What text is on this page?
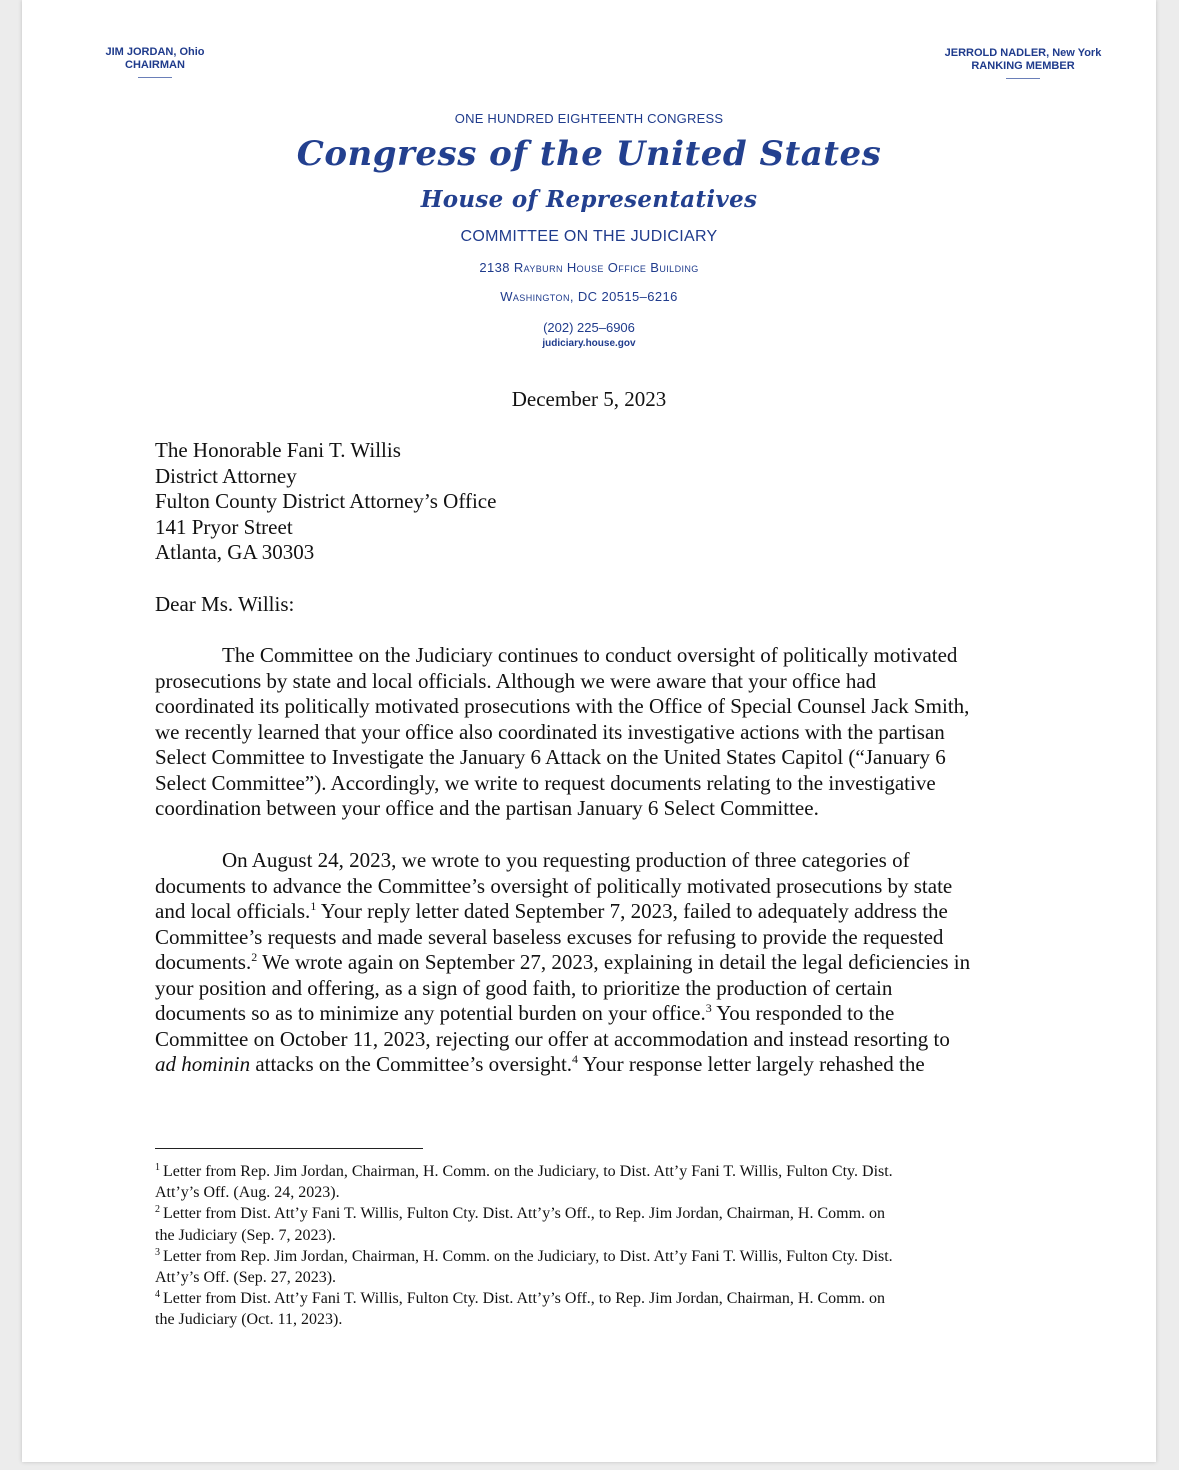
JIM JORDAN, Ohio
CHAIRMAN
JERROLD NADLER, New York
RANKING MEMBER
ONE HUNDRED EIGHTEENTH CONGRESS
Congress of the United States
House of Representatives
COMMITTEE ON THE JUDICIARY
2138 Rayburn House Office Building
Washington, DC 20515–6216
(202) 225–6906
judiciary.house.gov
December 5, 2023
The Honorable Fani T. Willis
District Attorney
Fulton County District Attorney’s Office
141 Pryor Street
Atlanta, GA 30303
Dear Ms. Willis:
The Committee on the Judiciary continues to conduct oversight of politically motivated
prosecutions by state and local officials. Although we were aware that your office had
coordinated its politically motivated prosecutions with the Office of Special Counsel Jack Smith,
we recently learned that your office also coordinated its investigative actions with the partisan
Select Committee to Investigate the January 6 Attack on the United States Capitol (“January 6
Select Committee”). Accordingly, we write to request documents relating to the investigative
coordination between your office and the partisan January 6 Select Committee.
On August 24, 2023, we wrote to you requesting production of three categories of
documents to advance the Committee’s oversight of politically motivated prosecutions by state
and local officials.$^1$ Your reply letter dated September 7, 2023, failed to adequately address the
Committee’s requests and made several baseless excuses for refusing to provide the requested
documents.$^2$ We wrote again on September 27, 2023, explaining in detail the legal deficiencies in
your position and offering, as a sign of good faith, to prioritize the production of certain
documents so as to minimize any potential burden on your office.$^3$ You responded to the
Committee on October 11, 2023, rejecting our offer at accommodation and instead resorting to
ad hominin attacks on the Committee’s oversight.$^4$ Your response letter largely rehashed the
$^1$ Letter from Rep. Jim Jordan, Chairman, H. Comm. on the Judiciary, to Dist. Att’y Fani T. Willis, Fulton Cty. Dist.
Att’y’s Off. (Aug. 24, 2023).
$^2$ Letter from Dist. Att’y Fani T. Willis, Fulton Cty. Dist. Att’y’s Off., to Rep. Jim Jordan, Chairman, H. Comm. on
the Judiciary (Sep. 7, 2023).
$^3$ Letter from Rep. Jim Jordan, Chairman, H. Comm. on the Judiciary, to Dist. Att’y Fani T. Willis, Fulton Cty. Dist.
Att’y’s Off. (Sep. 27, 2023).
$^4$ Letter from Dist. Att’y Fani T. Willis, Fulton Cty. Dist. Att’y’s Off., to Rep. Jim Jordan, Chairman, H. Comm. on
the Judiciary (Oct. 11, 2023).
